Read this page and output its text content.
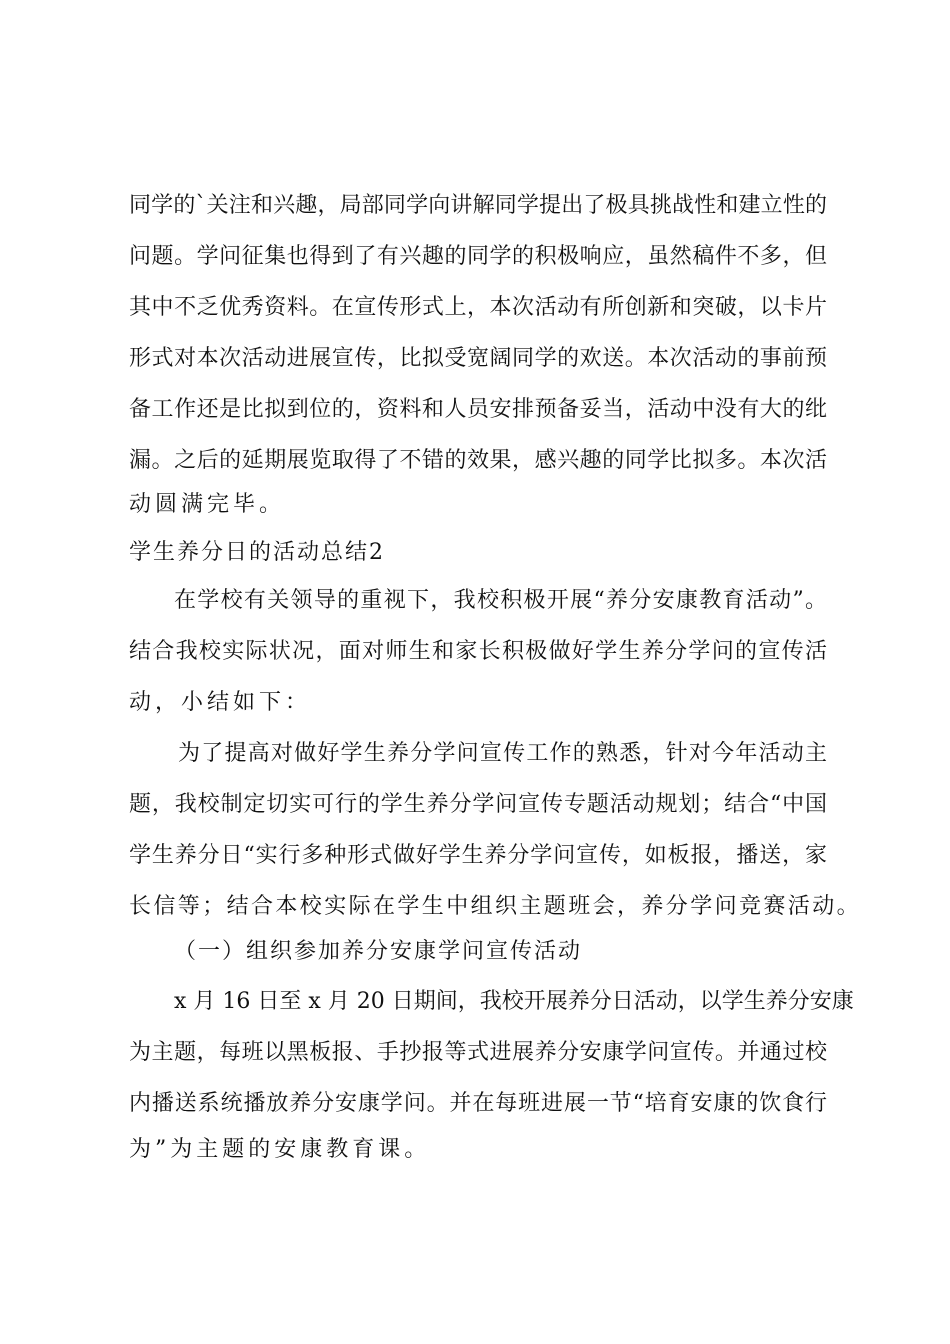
同学的`关注和兴趣，局部同学向讲解同学提出了极具挑战性和建立性的
问题。学问征集也得到了有兴趣的同学的积极响应，虽然稿件不多，但
其中不乏优秀资料。在宣传形式上，本次活动有所创新和突破，以卡片
形式对本次活动进展宣传，比拟受宽阔同学的欢送。本次活动的事前预
备工作还是比拟到位的，资料和人员安排预备妥当，活动中没有大的纰
漏。之后的延期展览取得了不错的效果，感兴趣的同学比拟多。本次活
动圆满完毕。
学生养分日的活动总结2
在学校有关领导的重视下，我校积极开展“养分安康教育活动”。
结合我校实际状况，面对师生和家长积极做好学生养分学问的宣传活
动，小结如下：
为了提高对做好学生养分学问宣传工作的熟悉，针对今年活动主
题，我校制定切实可行的学生养分学问宣传专题活动规划；结合“中国
学生养分日“实行多种形式做好学生养分学问宣传，如板报，播送，家
长信等；结合本校实际在学生中组织主题班会，养分学问竞赛活动。
（一）组织参加养分安康学问宣传活动
x 月 16 日至 x 月 20 日期间，我校开展养分日活动，以学生养分安康
为主题，每班以黑板报、手抄报等式进展养分安康学问宣传。并通过校
内播送系统播放养分安康学问。并在每班进展一节“培育安康的饮食行
为”为主题的安康教育课。
